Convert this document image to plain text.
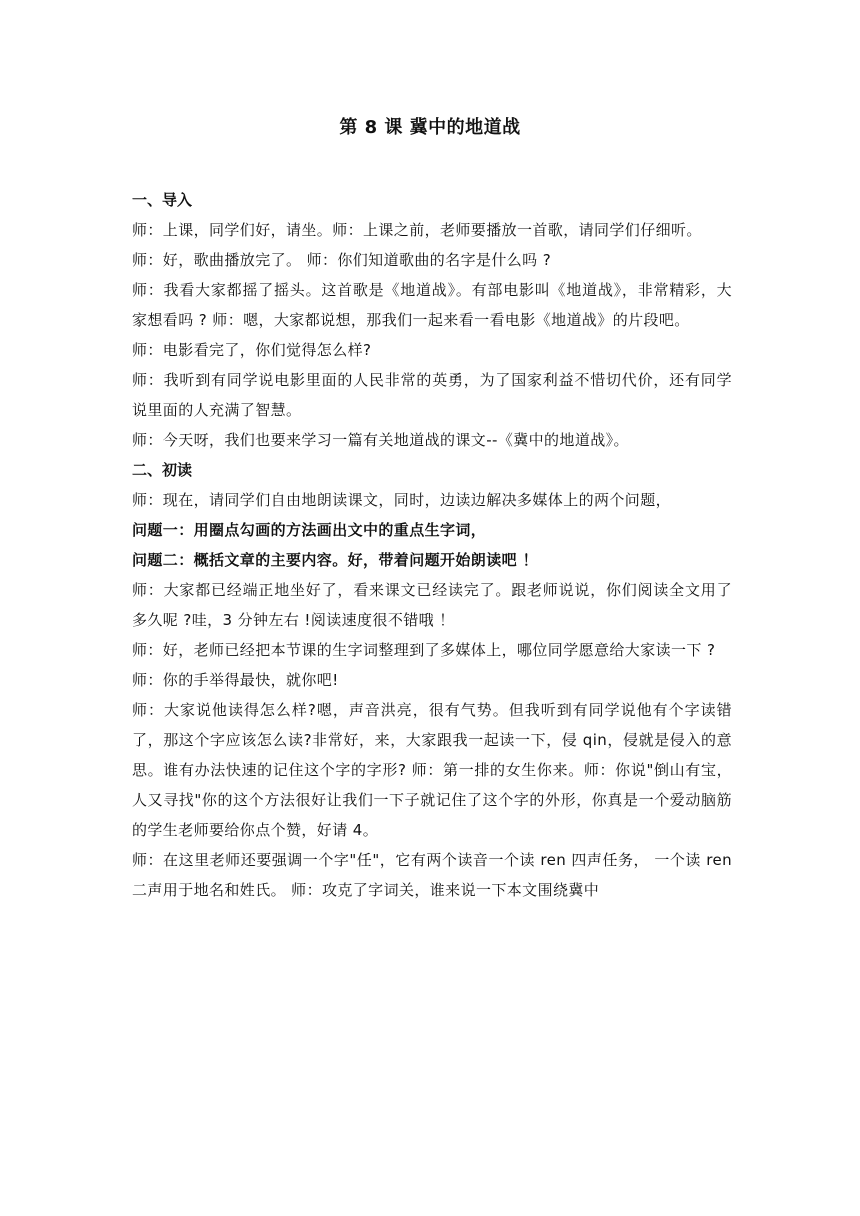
第 8 课 冀中的地道战

一、导入

师：上课，同学们好，请坐。师：上课之前，老师要播放一首歌，请同学们仔细听。

师：好，歌曲播放完了。 师：你们知道歌曲的名字是什么吗 ?

师：我看大家都摇了摇头。这首歌是《地道战》。有部电影叫《地道战》，非常精彩，大家想看吗 ? 师：嗯，大家都说想，那我们一起来看一看电影《地道战》的片段吧。

师：电影看完了，你们觉得怎么样?

师：我听到有同学说电影里面的人民非常的英勇，为了国家利益不惜切代价，还有同学说里面的人充满了智慧。

师：今天呀，我们也要来学习一篇有关地道战的课文--《冀中的地道战》。

二、初读

师：现在，请同学们自由地朗读课文，同时，边读边解决多媒体上的两个问题，

问题一：用圈点勾画的方法画出文中的重点生字词，

问题二：概括文章的主要内容。好，带着问题开始朗读吧 ！

师：大家都已经端正地坐好了，看来课文已经读完了。跟老师说说，你们阅读全文用了多久呢 ?哇，3 分钟左右 !阅读速度很不错哦 ！

师：好，老师已经把本节课的生字词整理到了多媒体上，哪位同学愿意给大家读一下 ?

师：你的手举得最快，就你吧!

师：大家说他读得怎么样?嗯，声音洪亮，很有气势。但我听到有同学说他有个字读错了，那这个字应该怎么读?非常好，来，大家跟我一起读一下，侵 qin，侵就是侵入的意思。谁有办法快速的记住这个字的字形? 师：第一排的女生你来。师：你说"倒山有宝，人又寻找"你的这个方法很好让我们一下子就记住了这个字的外形，你真是一个爱动脑筋的学生老师要给你点个赞，好请 4。

师：在这里老师还要强调一个字"任"，它有两个读音一个读 ren 四声任务， 一个读 ren 二声用于地名和姓氏。 师：攻克了字词关，谁来说一下本文围绕冀中
